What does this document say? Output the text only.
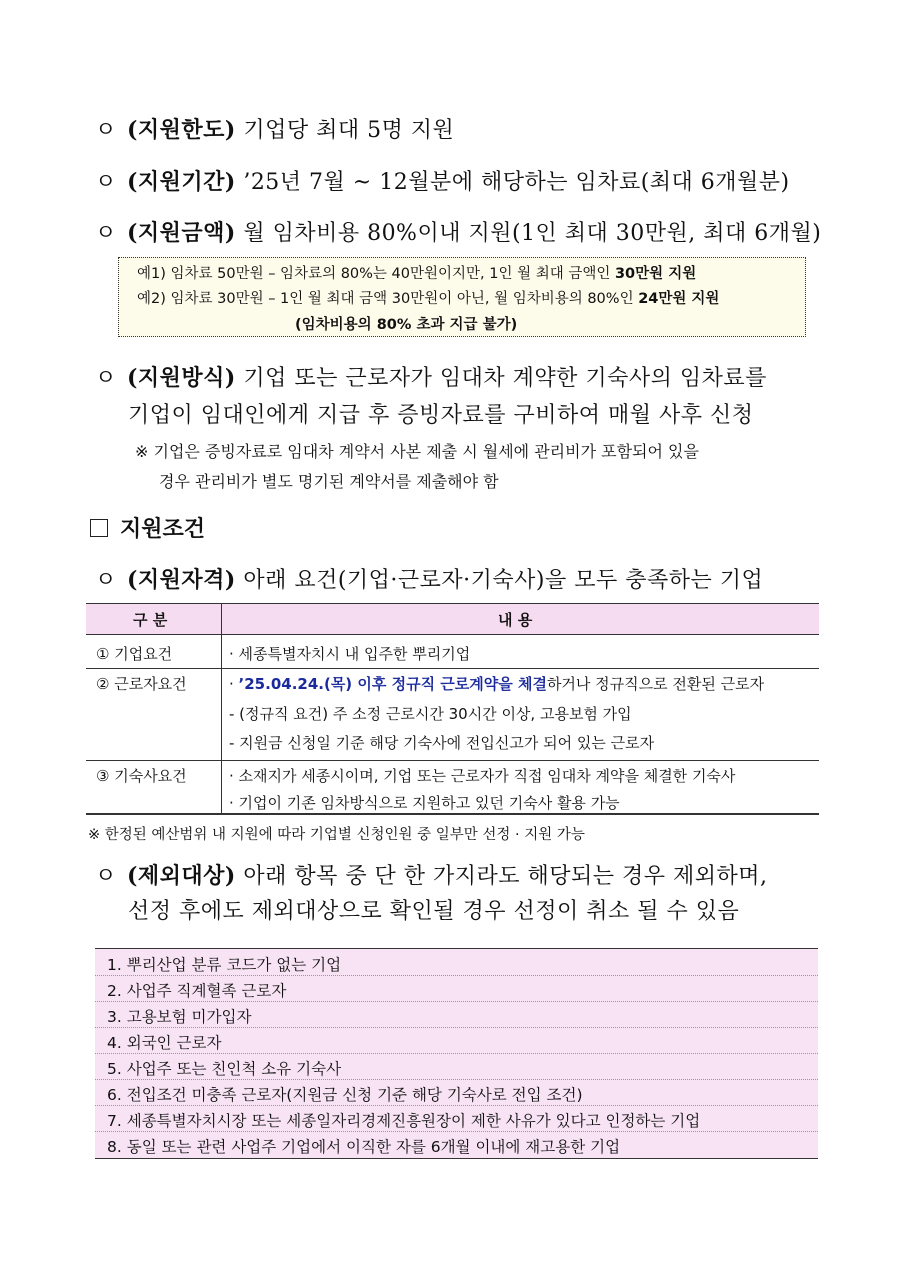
ㅇ (지원한도) 기업당 최대 5명 지원
ㅇ (지원기간) ’25년 7월 ~ 12월분에 해당하는 임차료(최대 6개월분)
ㅇ (지원금액) 월 임차비용 80%이내 지원(1인 최대 30만원, 최대 6개월)
예1) 임차료 50만원 – 임차료의 80%는 40만원이지만, 1인 월 최대 금액인 30만원 지원
예2) 임차료 30만원 – 1인 월 최대 금액 30만원이 아닌, 월 임차비용의 80%인 24만원 지원
(임차비용의 80% 초과 지급 불가)
ㅇ (지원방식) 기업 또는 근로자가 임대차 계약한 기숙사의 임차료를
기업이 임대인에게 지급 후 증빙자료를 구비하여 매월 사후 신청
※ 기업은 증빙자료로 임대차 계약서 사본 제출 시 월세에 관리비가 포함되어 있을
경우 관리비가 별도 명기된 계약서를 제출해야 함
지원조건
ㅇ (지원자격) 아래 요건(기업·근로자·기숙사)을 모두 충족하는 기업
구 분	내 용
① 기업요건	· 세종특별자치시 내 입주한 뿌리기업
② 근로자요건	· ’25.04.24.(목) 이후 정규직 근로계약을 체결하거나 정규직으로 전환된 근로자
- (정규직 요건) 주 소정 근로시간 30시간 이상, 고용보험 가입
- 지원금 신청일 기준 해당 기숙사에 전입신고가 되어 있는 근로자
③ 기숙사요건	· 소재지가 세종시이며, 기업 또는 근로자가 직접 임대차 계약을 체결한 기숙사
· 기업이 기존 임차방식으로 지원하고 있던 기숙사 활용 가능
※ 한정된 예산범위 내 지원에 따라 기업별 신청인원 중 일부만 선정 · 지원 가능
ㅇ (제외대상) 아래 항목 중 단 한 가지라도 해당되는 경우 제외하며,
선정 후에도 제외대상으로 확인될 경우 선정이 취소 될 수 있음
1. 뿌리산업 분류 코드가 없는 기업
2. 사업주 직계혈족 근로자
3. 고용보험 미가입자
4. 외국인 근로자
5. 사업주 또는 친인척 소유 기숙사
6. 전입조건 미충족 근로자(지원금 신청 기준 해당 기숙사로 전입 조건)
7. 세종특별자치시장 또는 세종일자리경제진흥원장이 제한 사유가 있다고 인정하는 기업
8. 동일 또는 관련 사업주 기업에서 이직한 자를 6개월 이내에 재고용한 기업
